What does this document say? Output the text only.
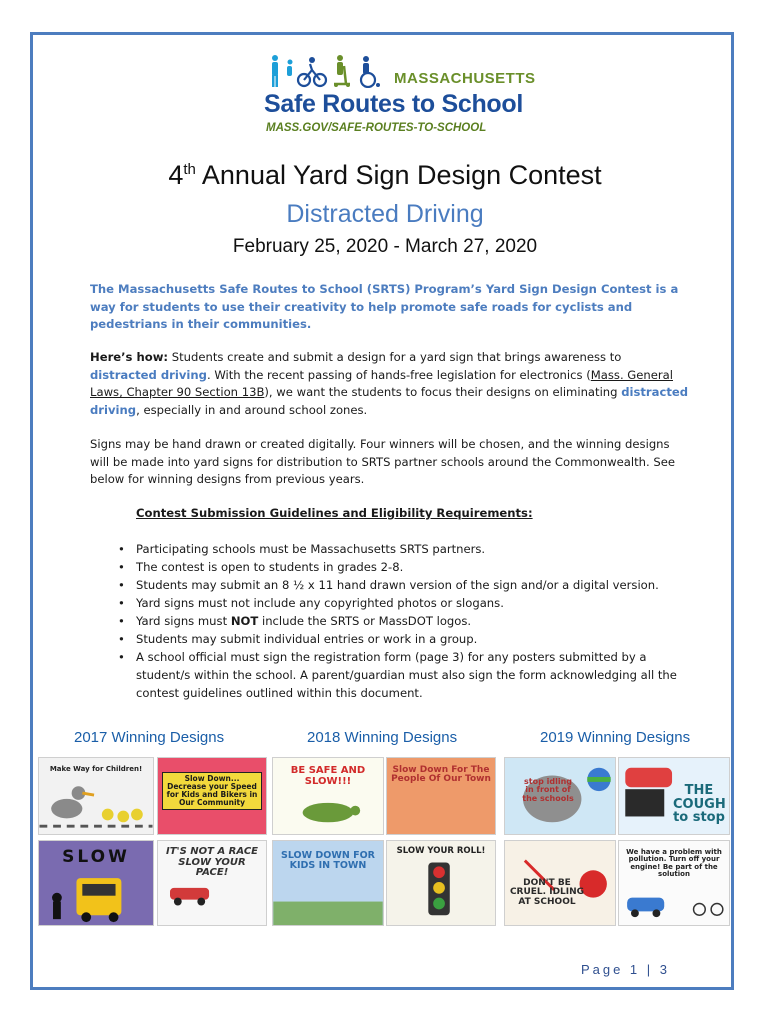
MASSACHUSETTS
Safe Routes to School
MASS.GOV/SAFE-ROUTES-TO-SCHOOL
4th Annual Yard Sign Design Contest
Distracted Driving
February 25, 2020 - March 27, 2020
The Massachusetts Safe Routes to School (SRTS) Program’s Yard Sign Design Contest is a way for students to use their creativity to help promote safe roads for cyclists and pedestrians in their communities.
Here’s how: Students create and submit a design for a yard sign that brings awareness to distracted driving. With the recent passing of hands-free legislation for electronics (Mass. General Laws, Chapter 90 Section 13B), we want the students to focus their designs on eliminating distracted driving, especially in and around school zones.
Signs may be hand drawn or created digitally. Four winners will be chosen, and the winning designs will be made into yard signs for distribution to SRTS partner schools around the Commonwealth. See below for winning designs from previous years.
Contest Submission Guidelines and Eligibility Requirements:
• Participating schools must be Massachusetts SRTS partners.
• The contest is open to students in grades 2-8.
• Students may submit an 8 ½ x 11 hand drawn version of the sign and/or a digital version.
• Yard signs must not include any copyrighted photos or slogans.
• Yard signs must NOT include the SRTS or MassDOT logos.
• Students may submit individual entries or work in a group.
• A school official must sign the registration form (page 3) for any posters submitted by a student/s within the school. A parent/guardian must also sign the form acknowledging all the contest guidelines outlined within this document.
2017 Winning Designs	2018 Winning Designs	2019 Winning Designs
Make Way for Children!
Slow Down... Decrease your Speed for Kids and Bikers in Our Community
SLOW	IT'S NOT A RACE SLOW YOUR PACE!
BE SAFE AND SLOW!!!
Slow Down For The People Of Our Town
SLOW DOWN FOR KIDS IN TOWN
SLOW YOUR ROLL!
stop idling in front of the schools
THE COUGH to stop
DON'T BE CRUEL. IDLING AT SCHOOL
We have a problem with pollution. Turn off your engine! Be part of the solution
Page 1 | 3
